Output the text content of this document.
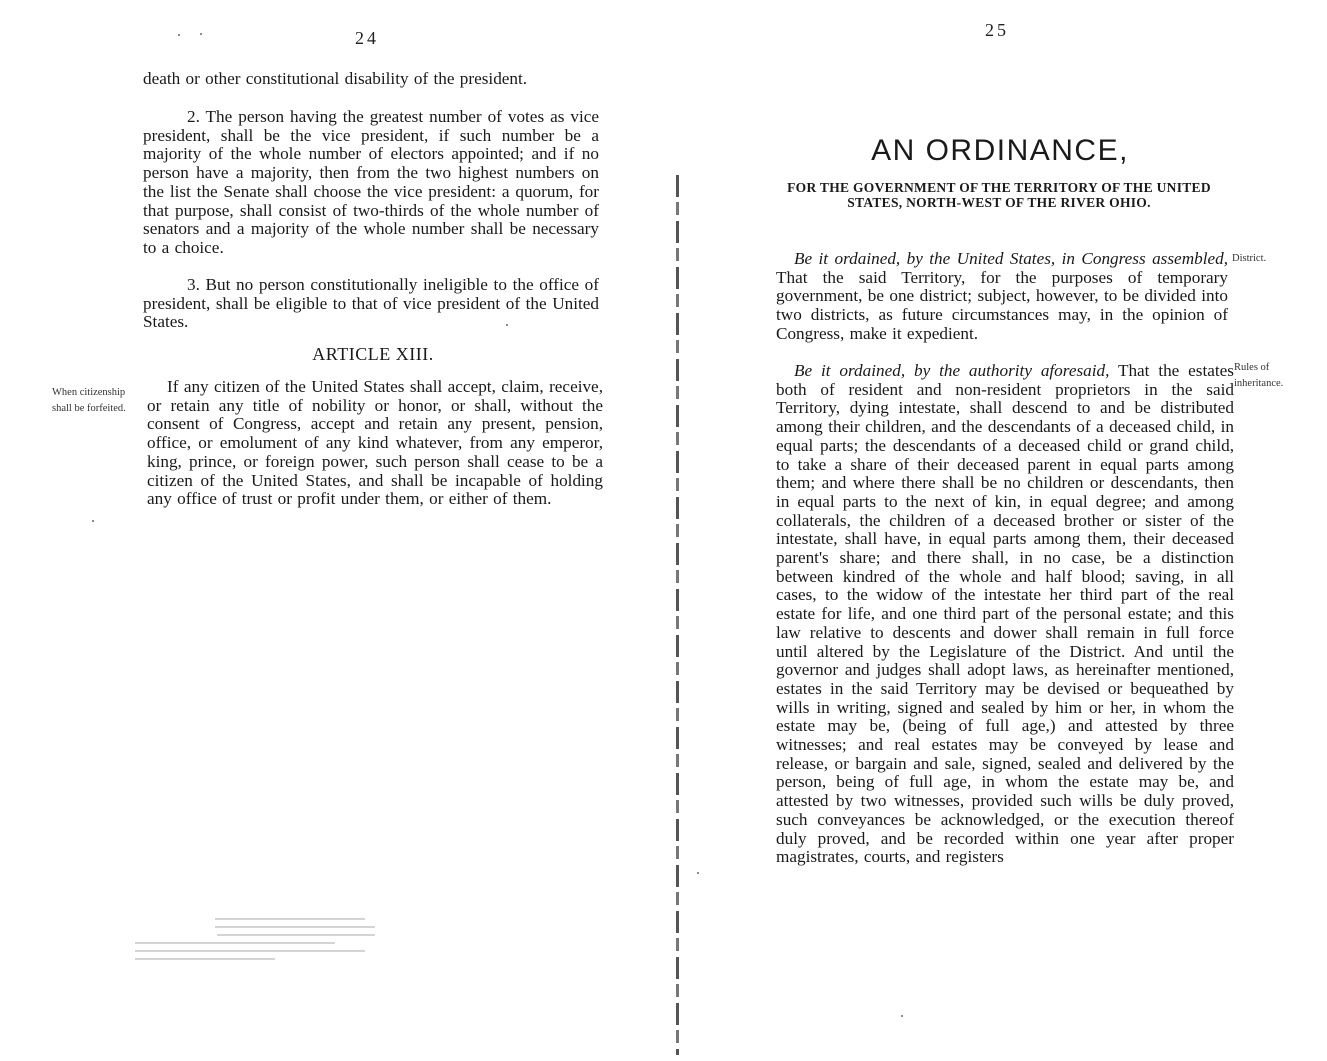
24

death or other constitutional disability of the president.

2. The person having the greatest number of votes as vice president, shall be the vice president, if such number be a majority of the whole number of electors appointed; and if no person have a majority, then from the two highest numbers on the list the Senate shall choose the vice president: a quorum, for that purpose, shall consist of two-thirds of the whole number of senators and a majority of the whole number shall be necessary to a choice.

3. But no person constitutionally ineligible to the office of president, shall be eligible to that of vice president of the United States.

ARTICLE XIII.
When citizenship shall be forfeited.

If any citizen of the United States shall accept, claim, receive, or retain any title of nobility or honor, or shall, without the consent of Congress, accept and retain any present, pension, office, or emolument of any kind whatever, from any emperor, king, prince, or foreign power, such person shall cease to be a citizen of the United States, and shall be incapable of holding any office of trust or profit under them, or either of them.

25
AN ORDINANCE,
FOR THE GOVERNMENT OF THE TERRITORY OF THE UNITED STATES, NORTH-WEST OF THE RIVER OHIO.
District.
Rules of inheritance.

Be it ordained, by the United States, in Congress assembled, That the said Territory, for the purposes of temporary government, be one district; subject, however, to be divided into two districts, as future circumstances may, in the opinion of Congress, make it expedient.

Be it ordained, by the authority aforesaid, That the estates both of resident and non-resident proprietors in the said Territory, dying intestate, shall descend to and be distributed among their children, and the descendants of a deceased child, in equal parts; the descendants of a deceased child or grand child, to take a share of their deceased parent in equal parts among them; and where there shall be no children or descendants, then in equal parts to the next of kin, in equal degree; and among collaterals, the children of a deceased brother or sister of the intestate, shall have, in equal parts among them, their deceased parent's share; and there shall, in no case, be a distinction between kindred of the whole and half blood; saving, in all cases, to the widow of the intestate her third part of the real estate for life, and one third part of the personal estate; and this law relative to descents and dower shall remain in full force until altered by the Legislature of the District. And until the governor and judges shall adopt laws, as hereinafter mentioned, estates in the said Territory may be devised or bequeathed by wills in writing, signed and sealed by him or her, in whom the estate may be, (being of full age,) and attested by three witnesses; and real estates may be conveyed by lease and release, or bargain and sale, signed, sealed and delivered by the person, being of full age, in whom the estate may be, and attested by two witnesses, provided such wills be duly proved, such conveyances be acknowledged, or the execution thereof duly proved, and be recorded within one year after proper magistrates, courts, and registers
